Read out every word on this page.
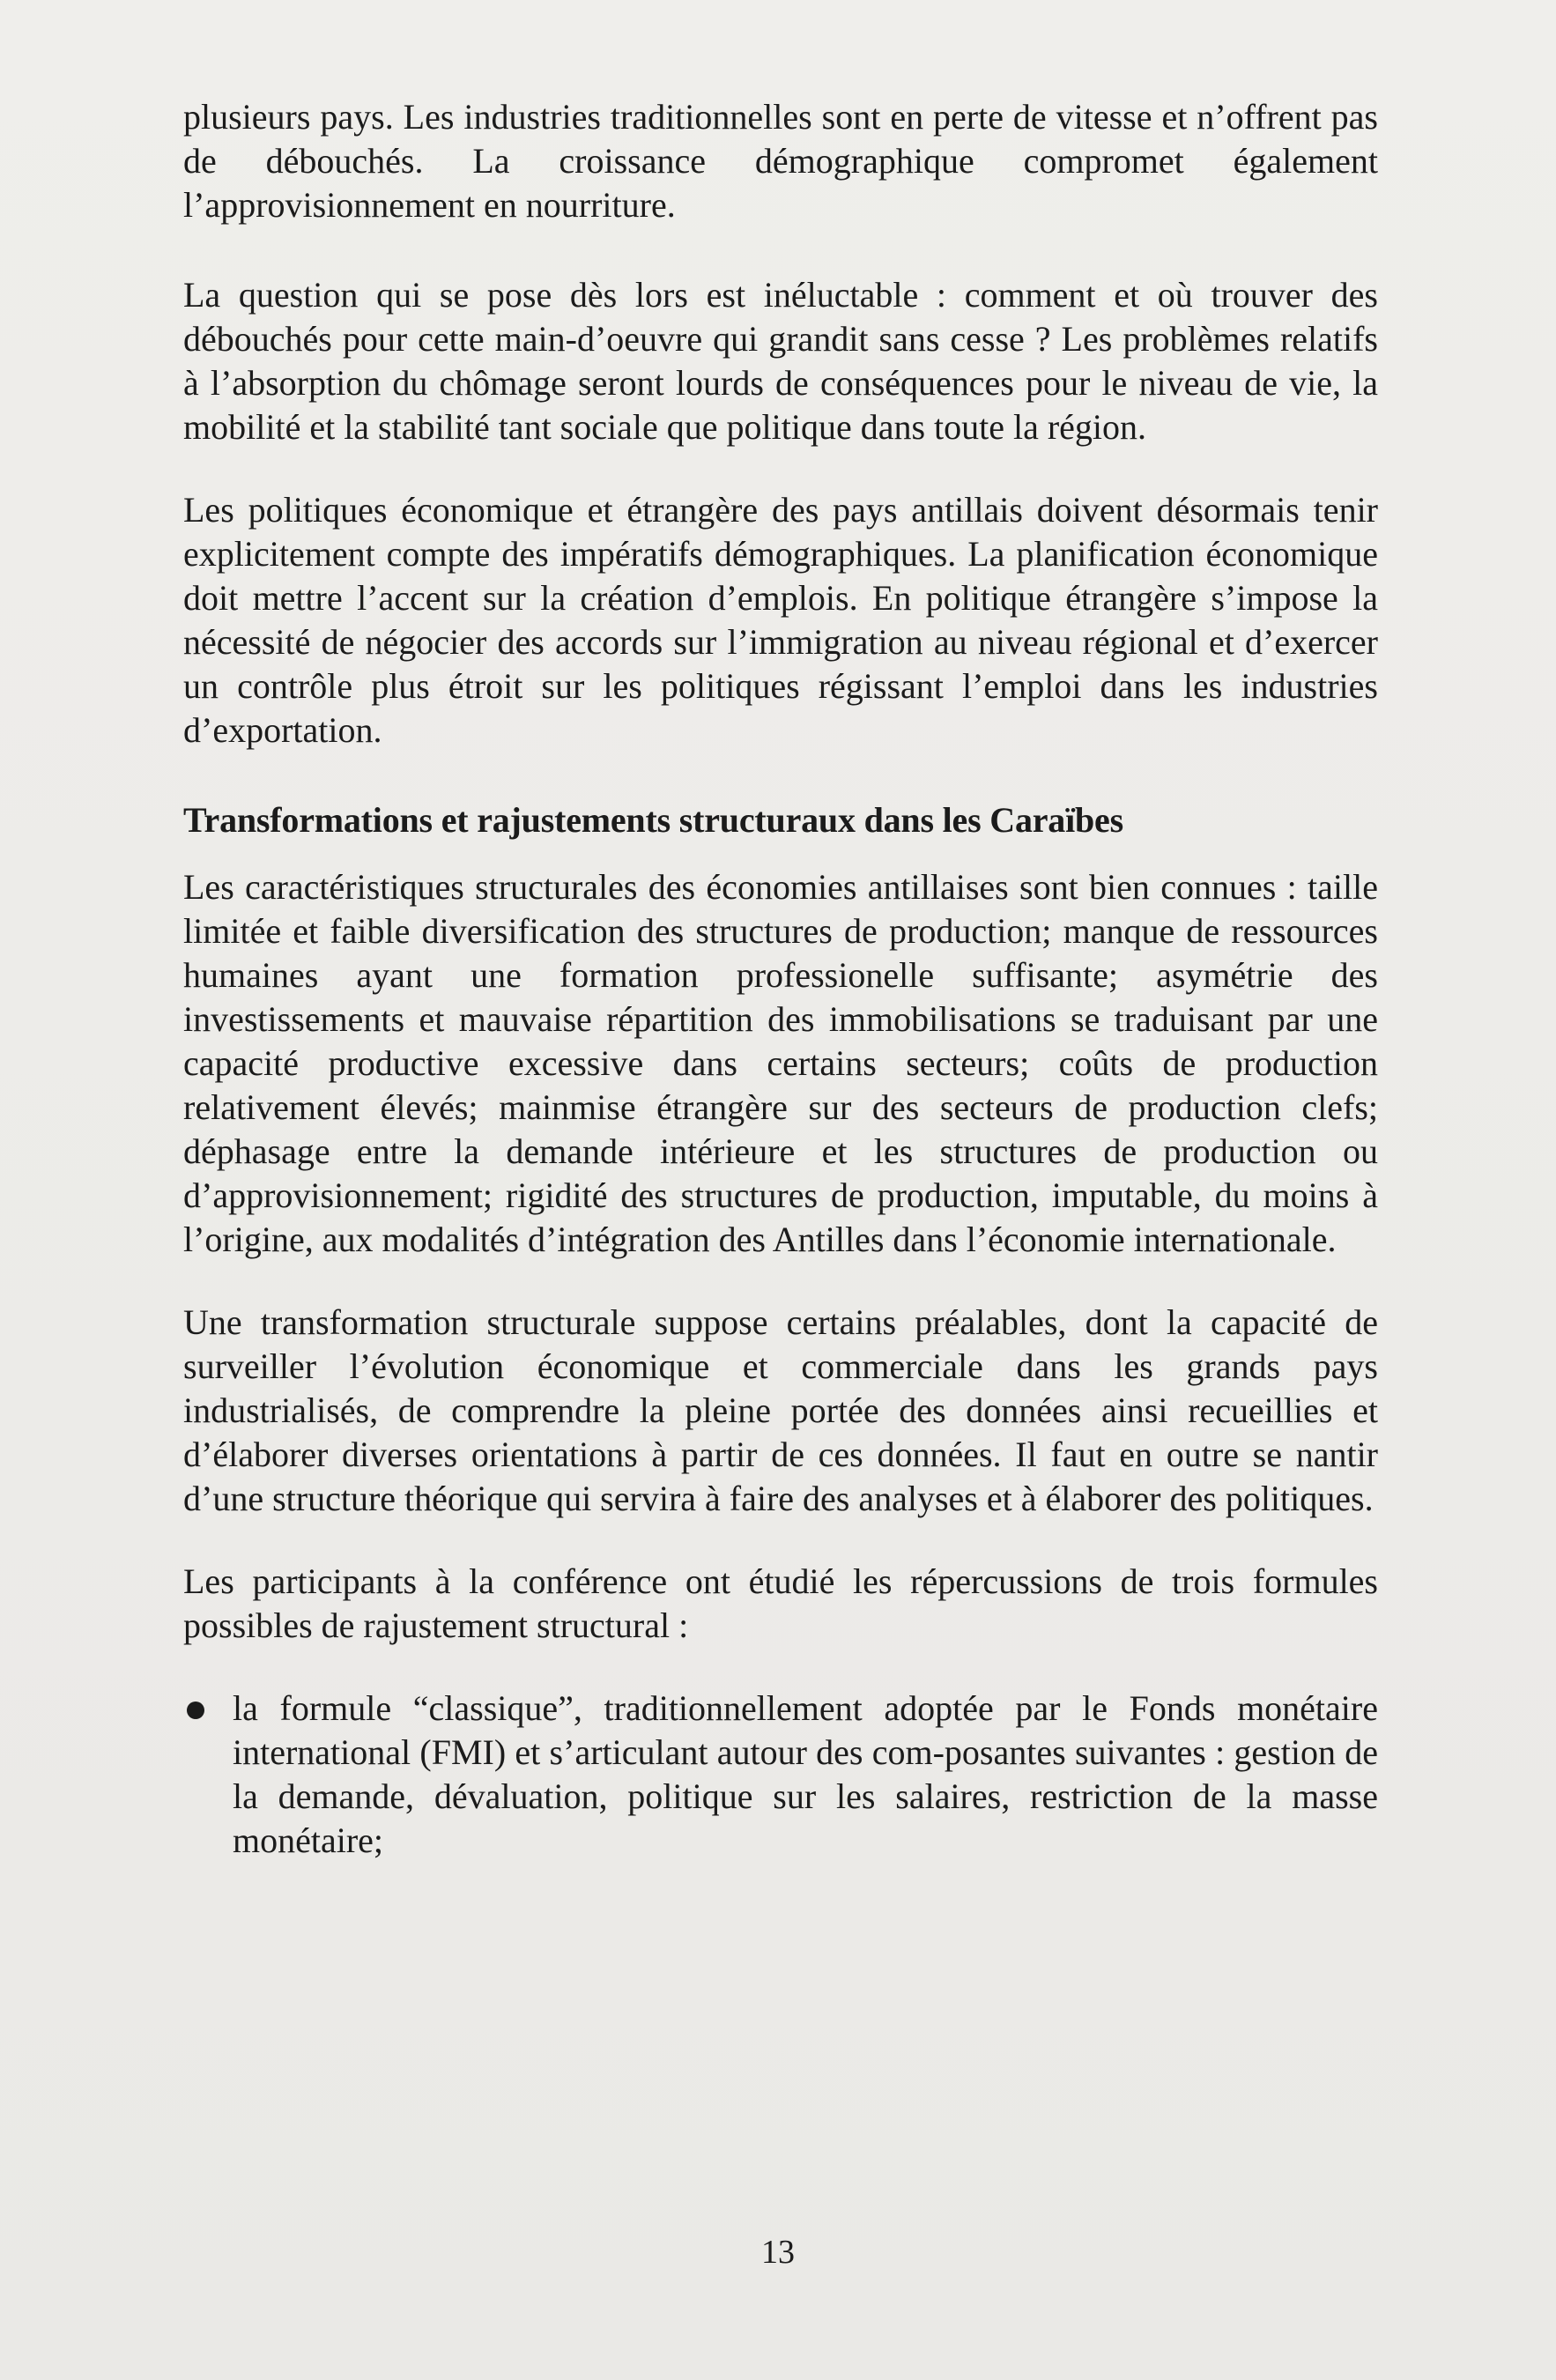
plusieurs pays. Les industries traditionnelles sont en perte de vitesse et n’offrent pas de débouchés. La croissance démographique compromet également l’approvisionnement en nourriture.

La question qui se pose dès lors est inéluctable : comment et où trouver des débouchés pour cette main-d’oeuvre qui grandit sans cesse ? Les problèmes relatifs à l’absorption du chômage seront lourds de conséquences pour le niveau de vie, la mobilité et la stabilité tant sociale que politique dans toute la région.

Les politiques économique et étrangère des pays antillais doivent désormais tenir explicitement compte des impératifs démographiques. La planification économique doit mettre l’accent sur la création d’emplois. En politique étrangère s’impose la nécessité de négocier des accords sur l’immigration au niveau régional et d’exercer un contrôle plus étroit sur les politiques régissant l’emploi dans les industries d’exportation.

Transformations et rajustements structuraux dans les Caraïbes

Les caractéristiques structurales des économies antillaises sont bien connues : taille limitée et faible diversification des structures de production; manque de ressources humaines ayant une formation professionelle suffisante; asymétrie des investissements et mauvaise répartition des immobilisations se traduisant par une capacité productive excessive dans certains secteurs; coûts de production relativement élevés; mainmise étrangère sur des secteurs de production clefs; déphasage entre la demande intérieure et les structures de production ou d’approvisionnement; rigidité des structures de production, imputable, du moins à l’origine, aux modalités d’intégration des Antilles dans l’économie internationale.

Une transformation structurale suppose certains préalables, dont la capacité de surveiller l’évolution économique et commerciale dans les grands pays industrialisés, de comprendre la pleine portée des données ainsi recueillies et d’élaborer diverses orientations à partir de ces données. Il faut en outre se nantir d’une structure théorique qui servira à faire des analyses et à élaborer des politiques.

Les participants à la conférence ont étudié les répercussions de trois formules possibles de rajustement structural :

la formule “classique”, traditionnellement adoptée par le Fonds monétaire international (FMI) et s’articulant autour des com-posantes suivantes : gestion de la demande, dévaluation, politique sur les salaires, restriction de la masse monétaire;

13
